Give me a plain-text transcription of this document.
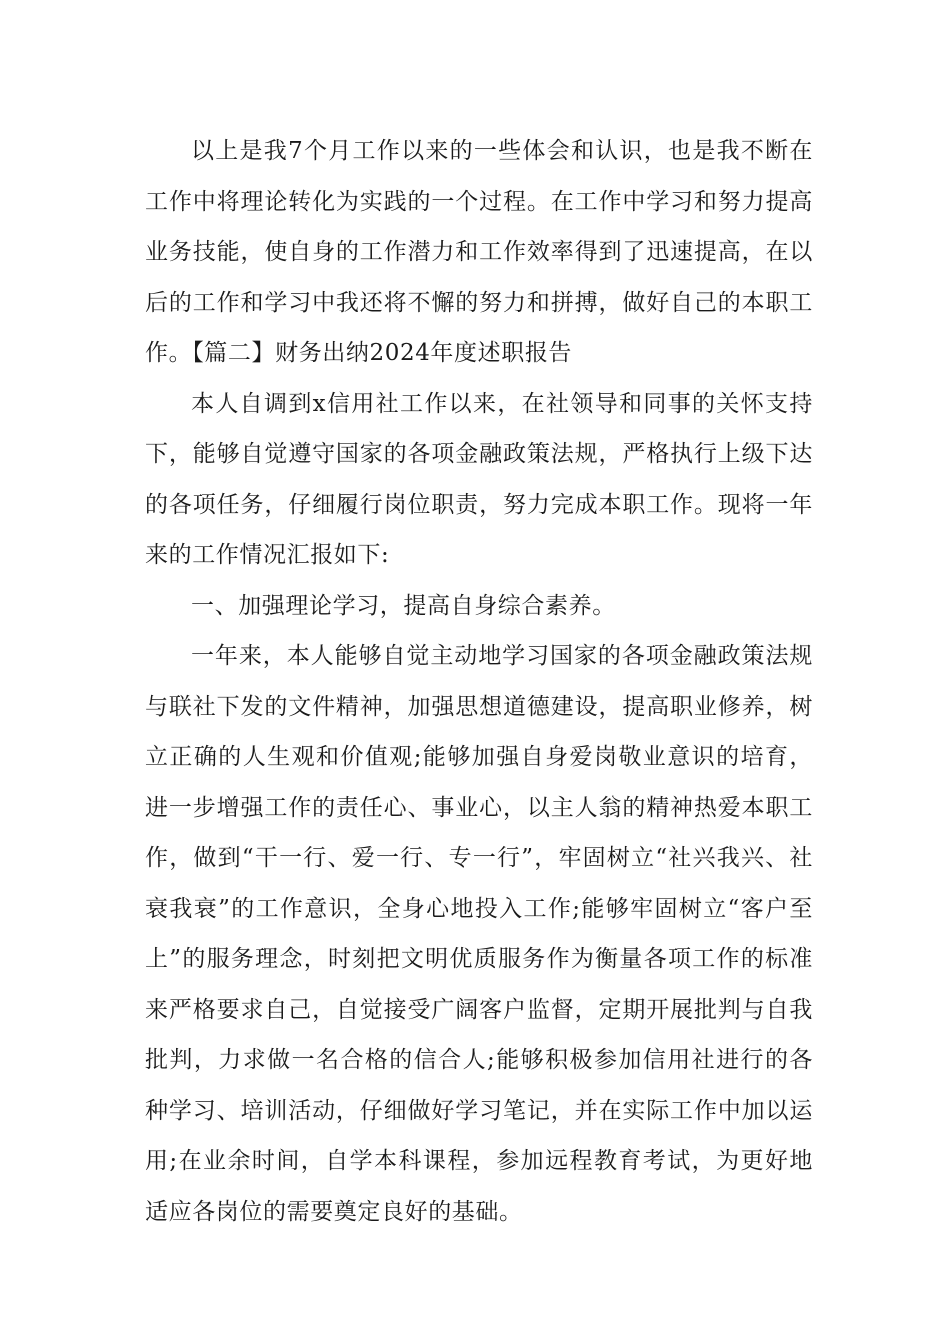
以上是我7个月工作以来的一些体会和认识，也是我不断在工作中将理论转化为实践的一个过程。在工作中学习和努力提高业务技能，使自身的工作潜力和工作效率得到了迅速提高，在以后的工作和学习中我还将不懈的努力和拼搏，做好自己的本职工作。【篇二】财务出纳2024年度述职报告

本人自调到x信用社工作以来，在社领导和同事的关怀支持下，能够自觉遵守国家的各项金融政策法规，严格执行上级下达的各项任务，仔细履行岗位职责，努力完成本职工作。现将一年来的工作情况汇报如下:

一、加强理论学习，提高自身综合素养。

一年来，本人能够自觉主动地学习国家的各项金融政策法规与联社下发的文件精神，加强思想道德建设，提高职业修养，树立正确的人生观和价值观;能够加强自身爱岗敬业意识的培育，进一步增强工作的责任心、事业心，以主人翁的精神热爱本职工作，做到“干一行、爱一行、专一行”，牢固树立“社兴我兴、社衰我衰”的工作意识，全身心地投入工作;能够牢固树立“客户至上”的服务理念，时刻把文明优质服务作为衡量各项工作的标准来严格要求自己，自觉接受广阔客户监督，定期开展批判与自我批判，力求做一名合格的信合人;能够积极参加信用社进行的各种学习、培训活动，仔细做好学习笔记，并在实际工作中加以运用;在业余时间，自学本科课程，参加远程教育考试，为更好地适应各岗位的需要奠定良好的基础。
